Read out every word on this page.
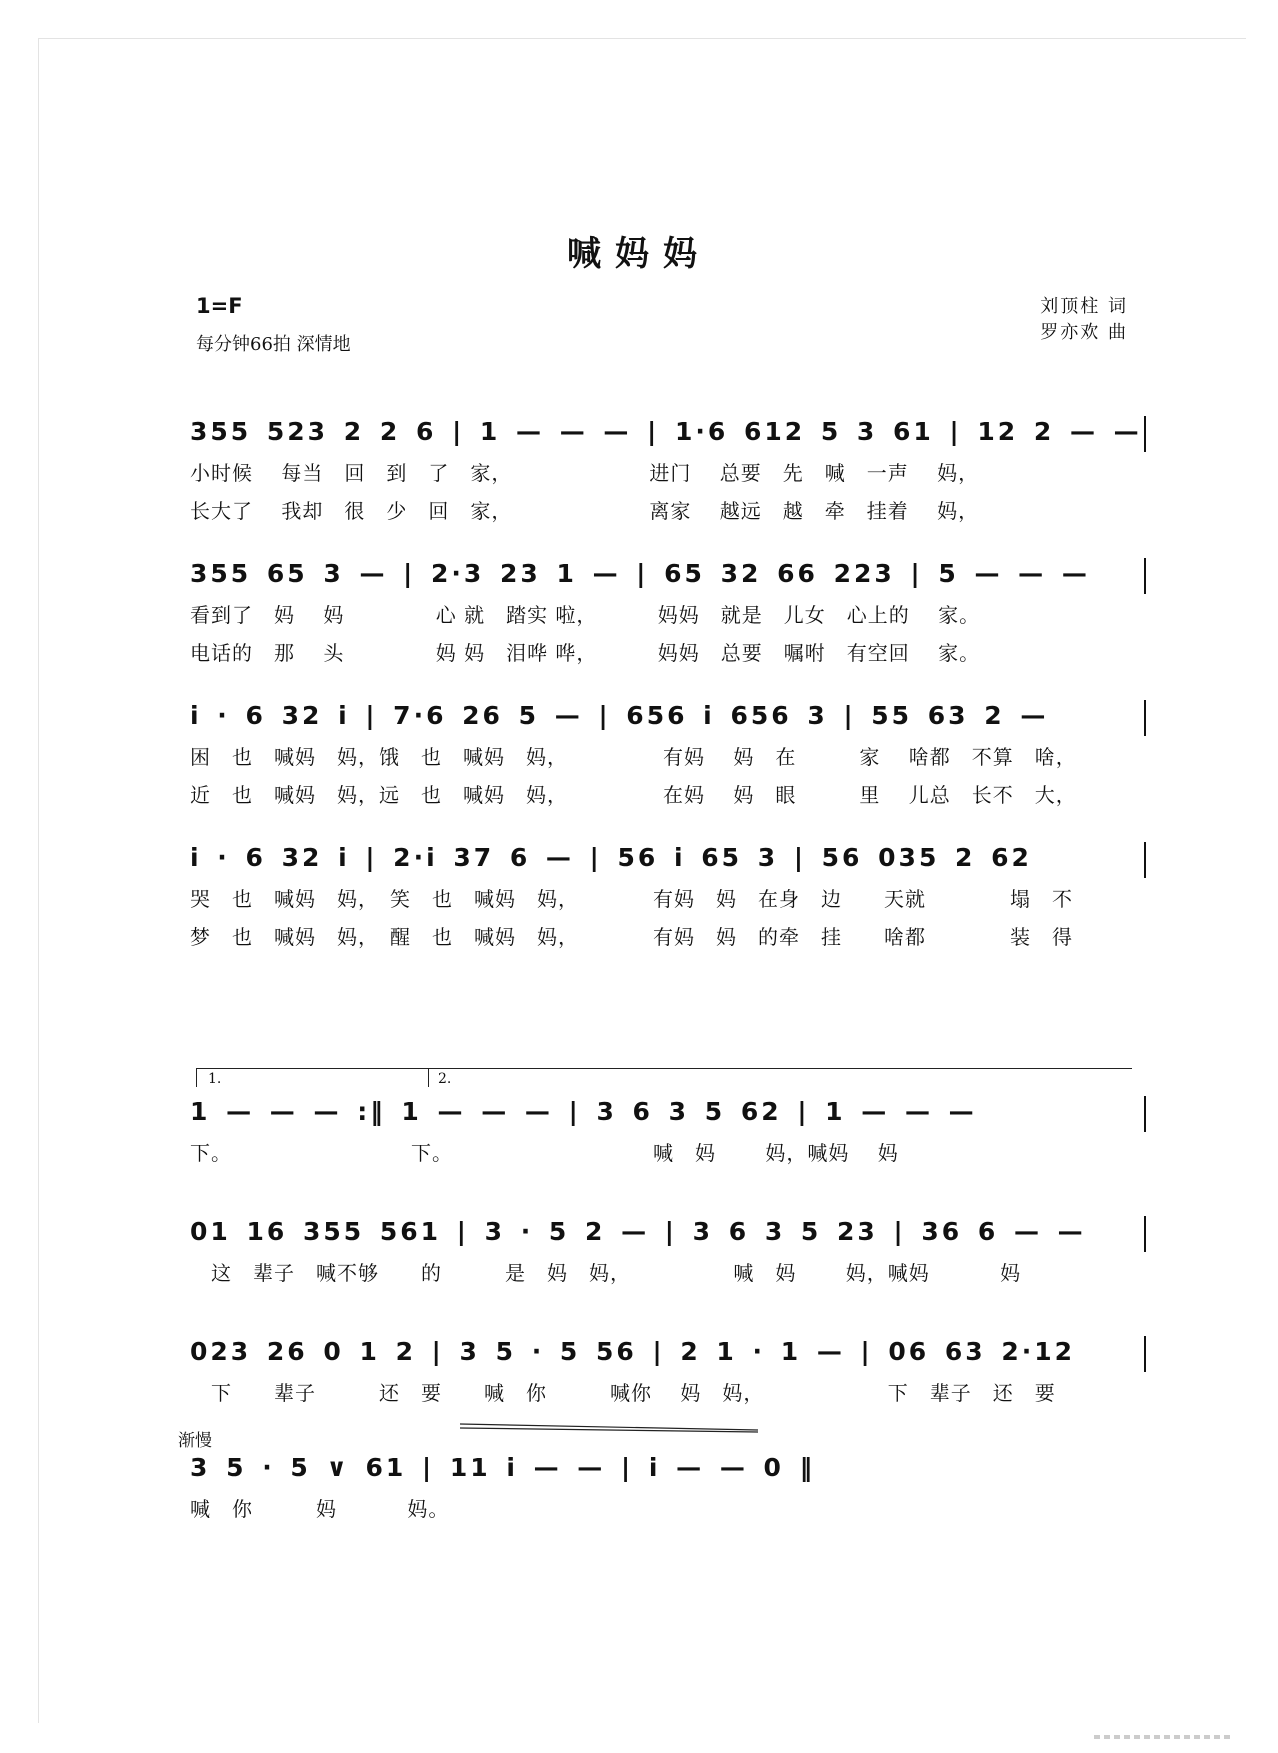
喊妈妈
1=F
每分钟66拍 深情地
刘顶柱 词
罗亦欢 曲
355 523 2 2 6 | 1 — — — | 1·6 612 5 3 61 | 12 2 — —
小时候　 每当　回　到　了　家，　　　　　　　进门　 总要　先　喊　一声　 妈，
长大了　 我却　很　少　回　家，　　　　　　　离家　 越远　越　牵　挂着　 妈，
355 65 3 — | 2·3 23 1 — | 65 32 66 223 | 5 — — —
看到了　妈　 妈　　　　 心 就　踏实 啦，　　　 妈妈　就是　儿女　心上的　 家。
电话的　那　 头　　　　 妈 妈　泪哗 哗，　　　 妈妈　总要　嘱咐　有空回　 家。
i · 6 32 i | 7·6 26 5 — | 656 i 656 3 | 55 63 2 —
困　也　喊妈　妈，饿　也　喊妈　妈，　　　　　有妈　 妈　在　　　家　 啥都　不算　啥，
近　也　喊妈　妈，远　也　喊妈　妈，　　　　　在妈　 妈　眼　　　里　 儿总　长不　大，
i · 6 32 i | 2·i 37 6 — | 56 i 65 3 | 56 035 2 62
哭　也　喊妈　妈，　笑　也　喊妈　妈，　　　　有妈　妈　在身　边　　天就　　　　塌　不
梦　也　喊妈　妈，　醒　也　喊妈　妈，　　　　有妈　妈　的牵　挂　　啥都　　　　装　得
1.	2.
1 — — — :‖ 1 — — — | 3 6 3 5 62 | 1 — — —
下。　　　　　　　　　下。　　　　　　　　　　喊　妈　　 妈，喊妈　 妈
01 16 355 561 | 3 · 5 2 — | 3 6 3 5 23 | 36 6 — —
　这　辈子　喊不够　　的　　　是　妈　妈，　　　　　 喊　妈　　 妈，喊妈　　　 妈
023 26 0 1 2 | 3 5 · 5 56 | 2 1 · 1 — | 06 63 2·12
　下　　辈子　　　还　要　　喊　你　　　喊你　 妈　妈，　　　　　　 下　辈子　还　要
渐慢
3 5 · 5 ∨ 61 | 11 i — — | i — — 0 ‖
喊　你　　　妈　　　 妈。
